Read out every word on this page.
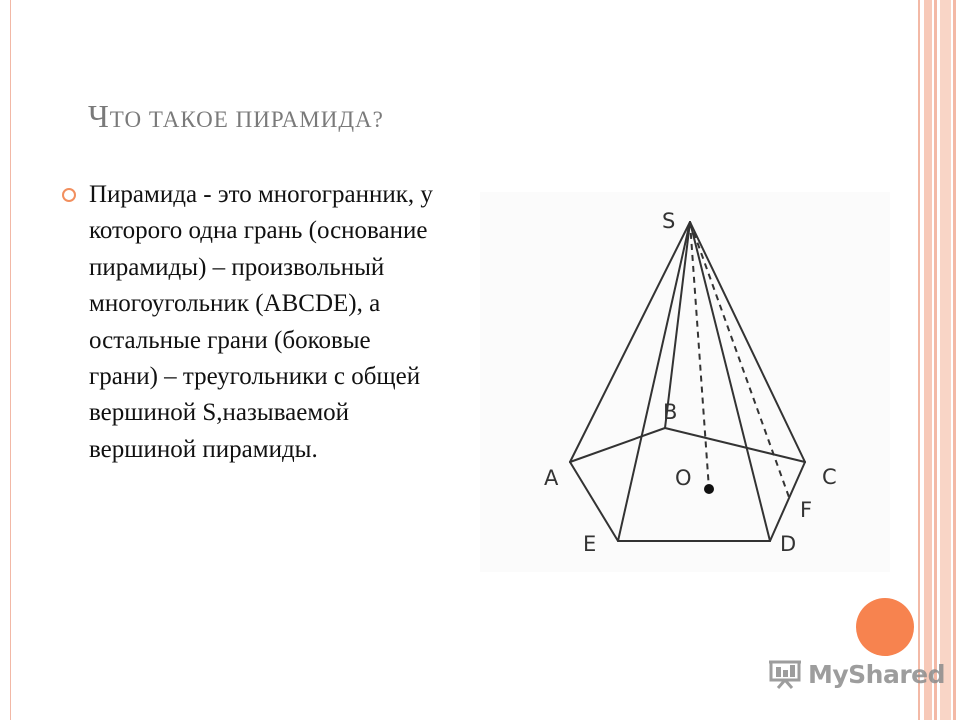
ЧТО ТАКОЕ ПИРАМИДА?
Пирамида - это многогранник, у которого одна грань (основание пирамиды) – произвольный многоугольник (ABCDE), а остальные грани (боковые грани) – треугольники с общей вершиной S,называемой вершиной пирамиды.
S
B
A	O	C
F
E	D
MyShared
